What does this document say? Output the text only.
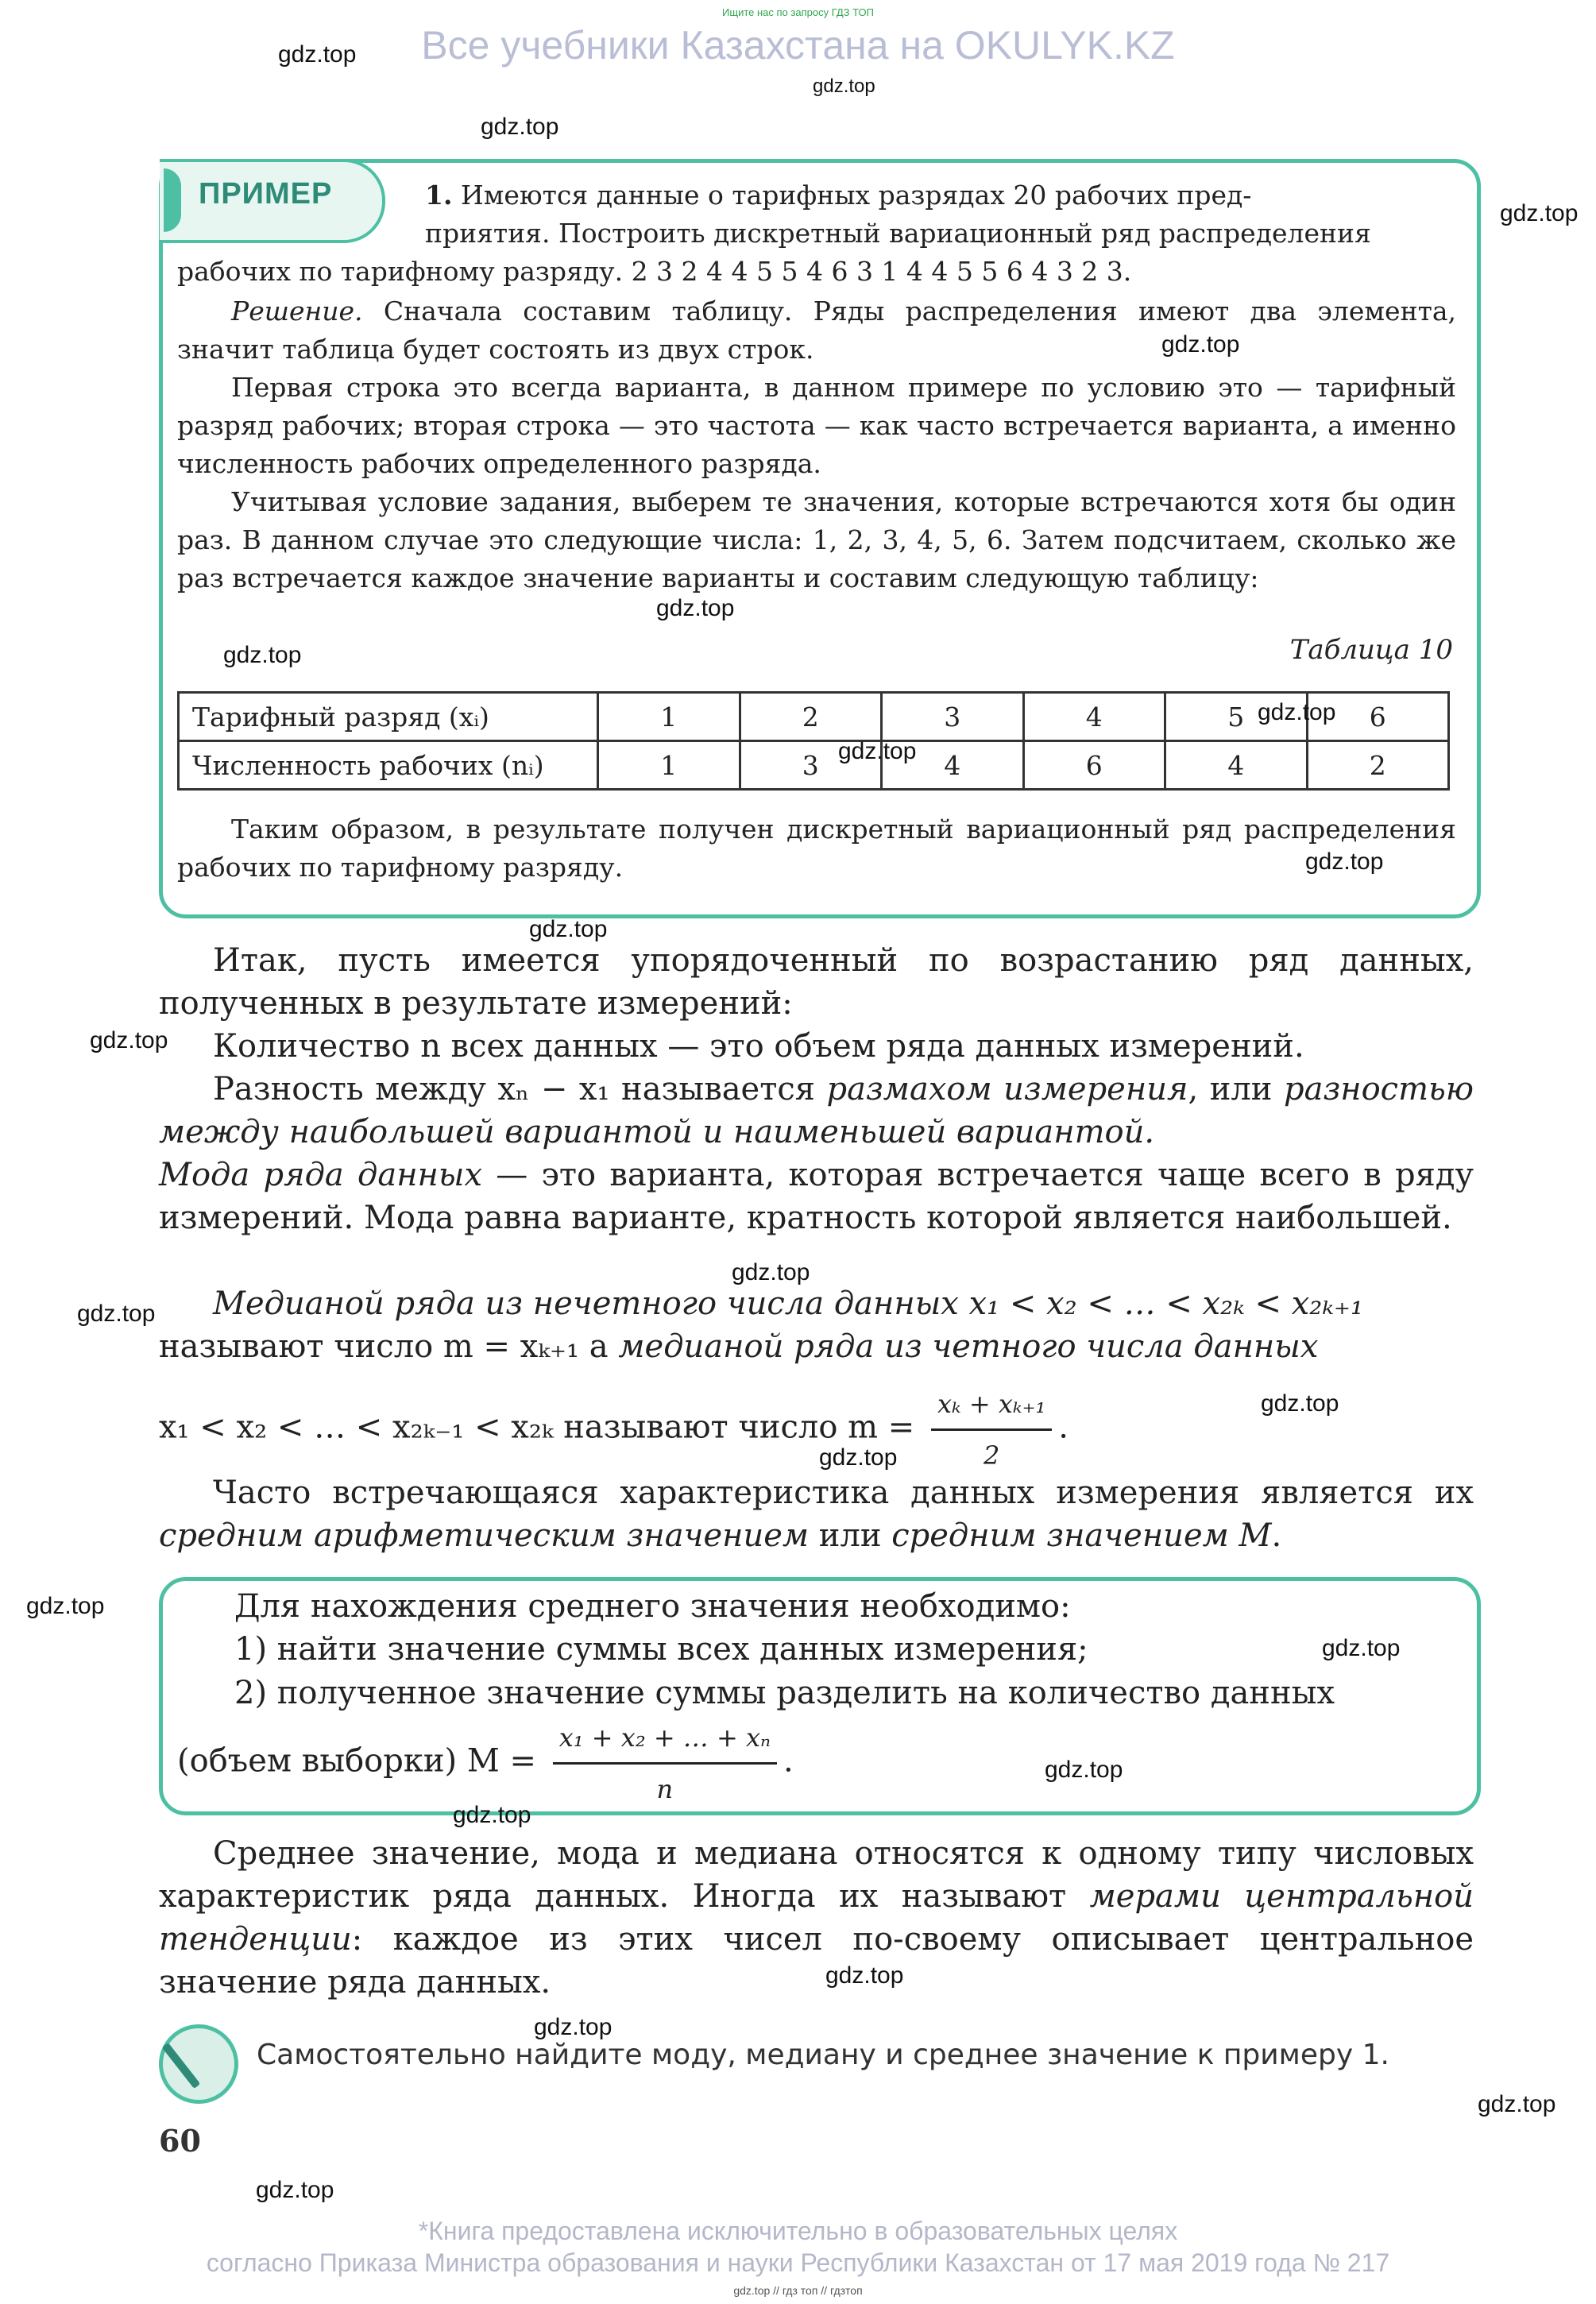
Ищите нас по запросу ГДЗ ТОП
Все учебники Казахстана на OKULYK.KZ
ПРИМЕР	1. Имеются данные о тарифных разрядах 20 рабочих пред-
приятия. Построить дискретный вариационный ряд распределения
рабочих по тарифному разряду. 2 3 2 4 4 5 5 4 6 3 1 4 4 5 5 6 4 3 2 3.
Решение. Сначала составим таблицу. Ряды распределения имеют два элемента, значит таблица будет состоять из двух строк.
Первая строка это всегда варианта, в данном примере по условию это — тарифный разряд рабочих; вторая строка — это частота — как часто встречается варианта, а именно численность рабочих определенного разряда.
Учитывая условие задания, выберем те значения, которые встречаются хотя бы один раз. В данном случае это следующие числа: 1, 2, 3, 4, 5, 6. Затем подсчитаем, сколько же раз встречается каждое значение варианты и составим следующую таблицу:
Таблица 10
Тарифный разряд (xᵢ)	1	2	3	4	5	6
Численность рабочих (nᵢ)	1	3	4	6	4	2
Таким образом, в результате получен дискретный вариационный ряд распределения рабочих по тарифному разряду.
Итак, пусть имеется упорядоченный по возрастанию ряд данных, полученных в результате измерений:
Количество n всех данных — это объем ряда данных измерений.
Разность между xₙ − x₁ называется размахом измерения, или разностью между наибольшей вариантой и наименьшей вариантой.
Мода ряда данных — это варианта, которая встречается чаще всего в ряду измерений. Мода равна варианте, кратность которой является наибольшей.
Медианой ряда из нечетного числа данных x₁ < x₂ < … < x₂ₖ < x₂ₖ₊₁
называют число m = xₖ₊₁ а медианой ряда из четного числа данных
x₁ < x₂ < … < x₂ₖ₋₁ < x₂ₖ называют число $m = \frac{\text{xₖ + xₖ₊₁}}{2}$ .
Часто встречающаяся характеристика данных измерения является их средним арифметическим значением или средним значением M.
Для нахождения среднего значения необходимо:
1) найти значение суммы всех данных измерения;
2) полученное значение суммы разделить на количество данных
(объем выборки) $M = \frac{\text{x₁ + x₂ + … + xₙ}}{n}$ .
Среднее значение, мода и медиана относятся к одному типу числовых характеристик ряда данных. Иногда их называют мерами центральной тенденции: каждое из этих чисел по-своему описывает центральное значение ряда данных.
Самостоятельно найдите моду, медиану и среднее значение к примеру 1.
60
*Книга предоставлена исключительно в образовательных целях
согласно Приказа Министра образования и науки Республики Казахстан от 17 мая 2019 года № 217
gdz.top // гдз топ // гдзтоп
gdz.top
gdz.top
gdz.top
gdz.top
gdz.top
gdz.top
gdz.top
gdz.top
gdz.top
gdz.top
gdz.top
gdz.top
gdz.top
gdz.top
gdz.top
gdz.top
gdz.top
gdz.top
gdz.top
gdz.top
gdz.top
gdz.top
gdz.top
gdz.top
